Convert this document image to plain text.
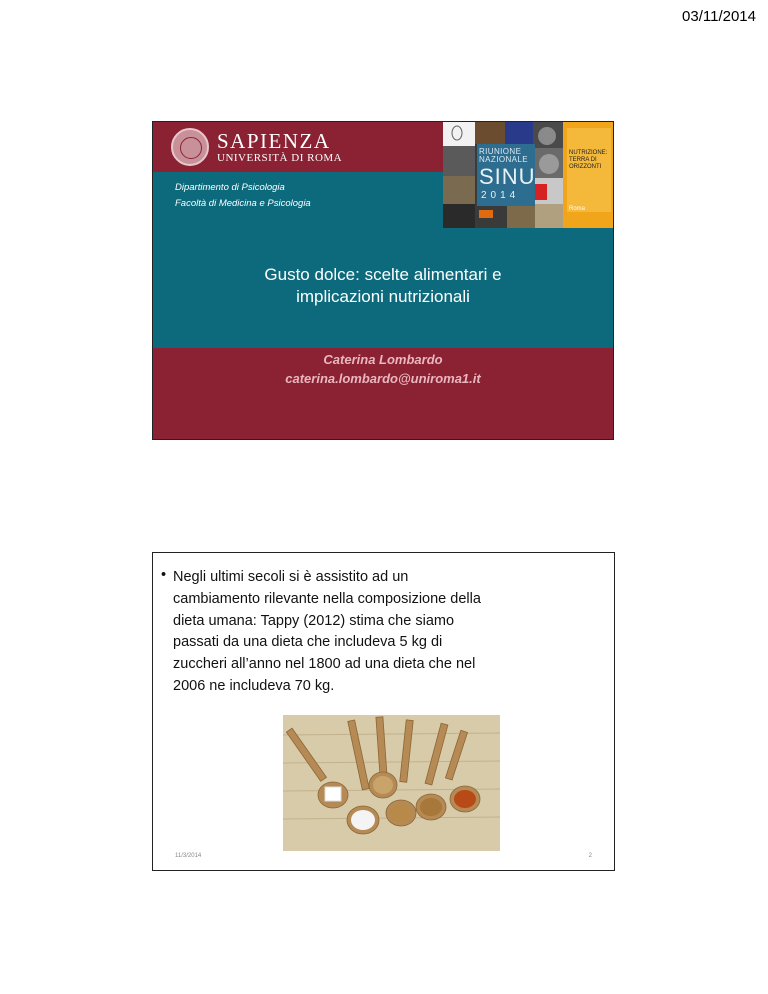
03/11/2014
SAPIENZA
UNIVERSITÀ DI ROMA
Dipartimento di Psicologia
Facoltà di Medicina e Psicologia
RIUNIONE
NAZIONALE
SINU
2014
NUTRIZIONE: TERRA DI ORIZZONTI
Roma
Gusto dolce: scelte alimentari e
implicazioni nutrizionali
Caterina Lombardo
caterina.lombardo@uniroma1.it
• Negli ultimi secoli si è assistito ad un
cambiamento rilevante nella composizione della
dieta umana: Tappy (2012) stima che siamo
passati da una dieta che includeva 5 kg di
zuccheri all’anno nel 1800 ad una dieta che nel
2006 ne includeva 70 kg.
11/3/2014	2
